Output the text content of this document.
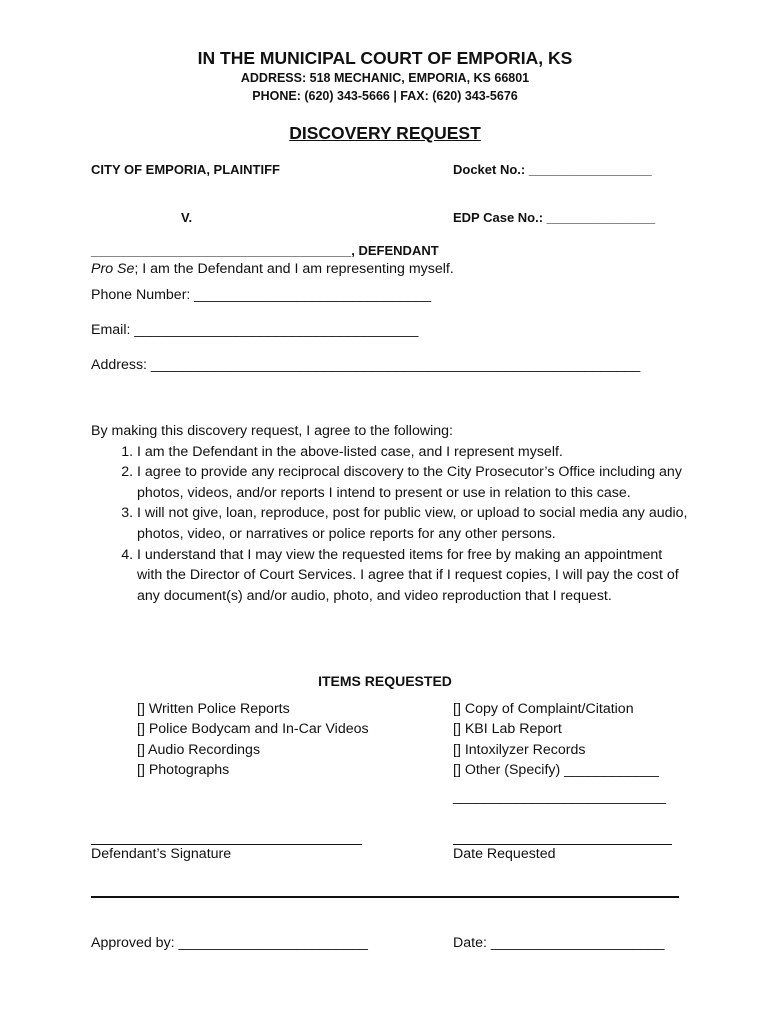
IN THE MUNICIPAL COURT OF EMPORIA, KS
ADDRESS: 518 MECHANIC, EMPORIA, KS 66801
PHONE: (620) 343-5666 | FAX: (620) 343-5676
DISCOVERY REQUEST
CITY OF EMPORIA, PLAINTIFF	Docket No.: _________________
V.	EDP Case No.: _______________
____________________________________, DEFENDANT
Pro Se; I am the Defendant and I am representing myself.
Phone Number: ______________________________
Email: ____________________________________
Address: ______________________________________________________________

By making this discovery request, I agree to the following:

1. I am the Defendant in the above-listed case, and I represent myself.
2. I agree to provide any reciprocal discovery to the City Prosecutor’s Office including any photos, videos, and/or reports I intend to present or use in relation to this case.
3. I will not give, loan, reproduce, post for public view, or upload to social media any audio, photos, video, or narratives or police reports for any other persons.
4. I understand that I may view the requested items for free by making an appointment with the Director of Court Services. I agree that if I request copies, I will pay the cost of any document(s) and/or audio, photo, and video reproduction that I request.
ITEMS REQUESTED
[] Written Police Reports
[] Police Bodycam and In-Car Videos
[] Audio Recordings
[] Photographs
[] Copy of Complaint/Citation
[] KBI Lab Report
[] Intoxilyzer Records
[] Other (Specify) ____________
___________________________
Defendant’s Signature	Date Requested
Approved by: ________________________	Date: ______________________
